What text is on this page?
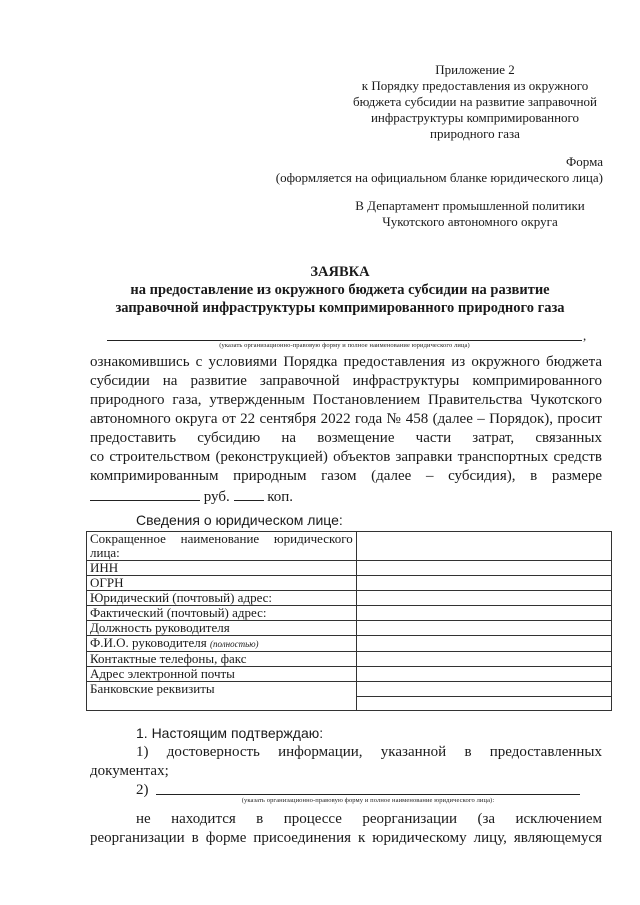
Приложение 2
к Порядку предоставления из окружного
бюджета субсидии на развитие заправочной
инфраструктуры компримированного
природного газа
Форма
(оформляется на официальном бланке юридического лица)
В Департамент промышленной политики
Чукотского автономного округа
ЗАЯВКА
на предоставление из окружного бюджета субсидии на развитие
заправочной инфраструктуры компримированного природного газа
,
(указать организационно-правовую форму и полное наименование юридического лица)
ознакомившись с условиями Порядка предоставления из окружного бюджета
субсидии на развитие заправочной инфраструктуры компримированного
природного газа, утвержденным Постановлением Правительства Чукотского
автономного округа от 22 сентября 2022 года № 458 (далее – Порядок), просит
предоставить субсидию на возмещение части затрат, связанных
со строительством (реконструкцией) объектов заправки транспортных средств
компримированным природным газом (далее – субсидия), в размере
руб.	коп.
Сведения о юридическом лице:
Сокращенное наименование юридического лица:	

ИНН	
ОГРН	
Юридический (почтовый) адрес:	
Фактический (почтовый) адрес:	
Должность руководителя	
Ф.И.О. руководителя (полностью)	
Контактные телефоны, факс	
Адрес электронной почты	
Банковские реквизиты	
1. Настоящим подтверждаю:
1) достоверность информации, указанной в предоставленных
документах;
2)
(указать организационно-правовую форму и полное наименование юридического лица):
не находится в процессе реорганизации (за исключением
реорганизации в форме присоединения к юридическому лицу, являющемуся
